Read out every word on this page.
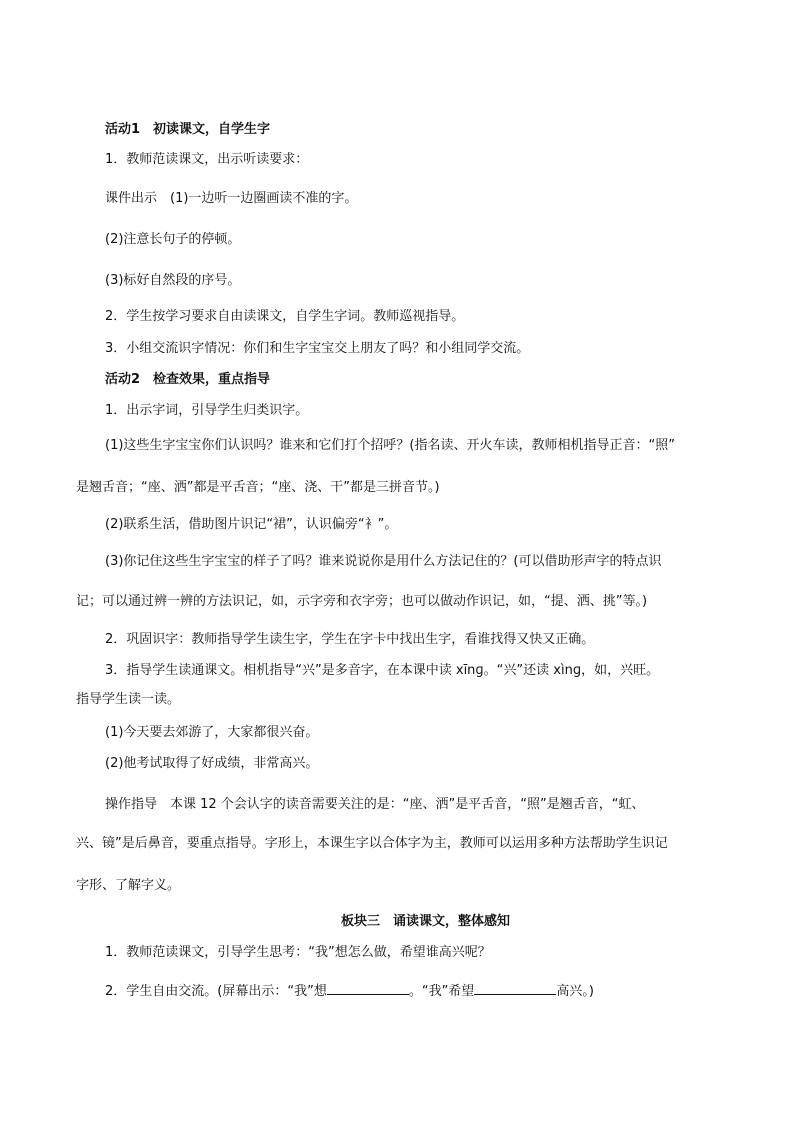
活动1　初读课文，自学生字
1．教师范读课文，出示听读要求：
课件出示　(1)一边听一边圈画读不准的字。
(2)注意长句子的停顿。
(3)标好自然段的序号。
2．学生按学习要求自由读课文，自学生字词。教师巡视指导。
3．小组交流识字情况：你们和生字宝宝交上朋友了吗？和小组同学交流。
活动2　检查效果，重点指导
1．出示字词，引导学生归类识字。
(1)这些生字宝宝你们认识吗？谁来和它们打个招呼？(指名读、开火车读，教师相机指导正音：“照”
是翘舌音；“座、洒”都是平舌音；“座、浇、干”都是三拼音节。)
(2)联系生活，借助图片识记“裙”，认识偏旁“衤”。
(3)你记住这些生字宝宝的样子了吗？谁来说说你是用什么方法记住的？(可以借助形声字的特点识
记；可以通过辨一辨的方法识记，如，示字旁和衣字旁；也可以做动作识记，如，“提、洒、挑”等。)
2．巩固识字：教师指导学生读生字，学生在字卡中找出生字，看谁找得又快又正确。
3．指导学生读通课文。相机指导“兴”是多音字，在本课中读 xīnɡ。“兴”还读 xìnɡ，如，兴旺。
指导学生读一读。
(1)今天要去郊游了，大家都很兴奋。
(2)他考试取得了好成绩，非常高兴。
操作指导　本课 12 个会认字的读音需要关注的是：“座、洒”是平舌音，“照”是翘舌音，“虹、
兴、镜”是后鼻音，要重点指导。字形上，本课生字以合体字为主，教师可以运用多种方法帮助学生识记
字形、了解字义。
板块三　诵读课文，整体感知
1．教师范读课文，引导学生思考：“我”想怎么做，希望谁高兴呢？
2．学生自由交流。(屏幕出示：“我”想	。“我”希望	高兴。)
